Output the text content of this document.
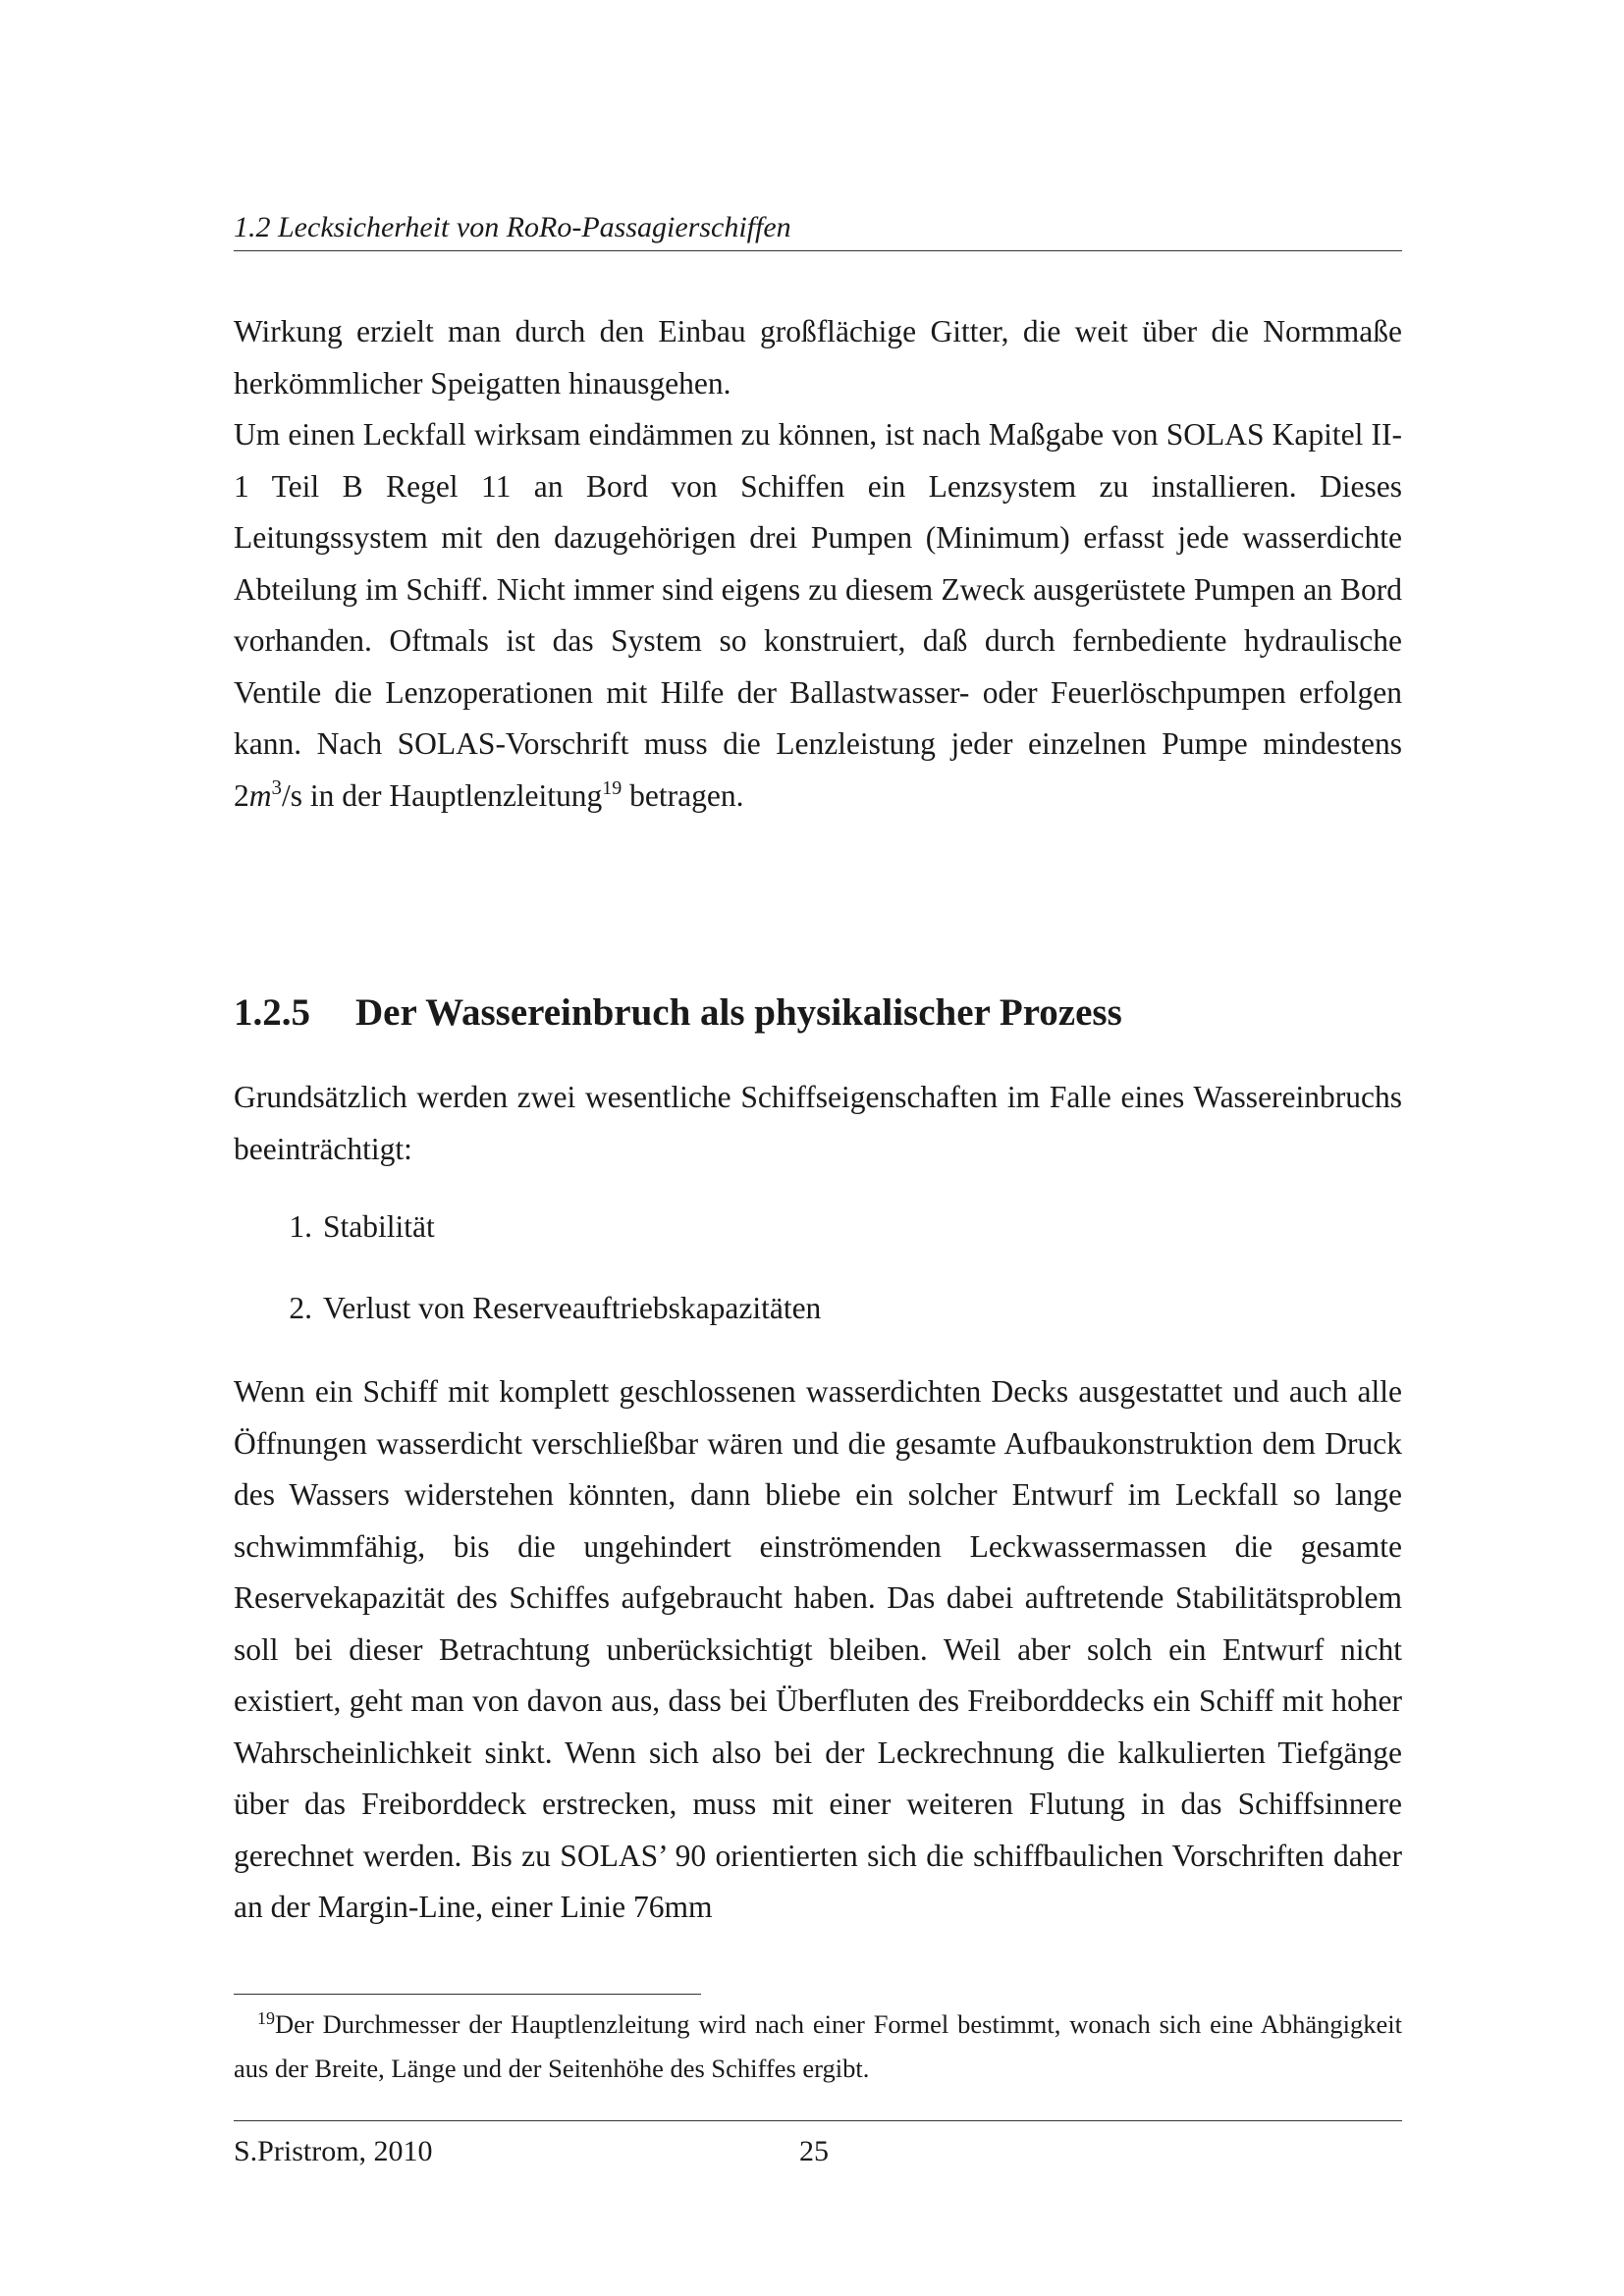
1.2 Lecksicherheit von RoRo-Passagierschiffen

Wirkung erzielt man durch den Einbau großflächige Gitter, die weit über die Normmaße herkömmlicher Speigatten hinausgehen.

Um einen Leckfall wirksam eindämmen zu können, ist nach Maßgabe von SOLAS Kapitel II-1 Teil B Regel 11 an Bord von Schiffen ein Lenzsystem zu installieren. Dieses Leitungssystem mit den dazugehörigen drei Pumpen (Minimum) erfasst jede wasserdichte Abteilung im Schiff. Nicht immer sind eigens zu diesem Zweck ausgerüstete Pumpen an Bord vorhanden. Oftmals ist das System so konstruiert, daß durch fernbediente hydraulische Ventile die Lenzoperationen mit Hilfe der Ballastwasser- oder Feuerlöschpumpen erfolgen kann. Nach SOLAS-Vorschrift muss die Lenzleistung jeder einzelnen Pumpe mindestens $2m^3/s$ in der Hauptlenzleitung$^{19}$ betragen.

1.2.5 Der Wassereinbruch als physikalischer Prozess

Grundsätzlich werden zwei wesentliche Schiffseigenschaften im Falle eines Wassereinbruchs beeinträchtigt:

1. Stabilität
2. Verlust von Reserveauftriebskapazitäten

Wenn ein Schiff mit komplett geschlossenen wasserdichten Decks ausgestattet und auch alle Öffnungen wasserdicht verschließbar wären und die gesamte Aufbaukonstruktion dem Druck des Wassers widerstehen könnten, dann bliebe ein solcher Entwurf im Leckfall so lange schwimmfähig, bis die ungehindert einströmenden Leckwassermassen die gesamte Reservekapazität des Schiffes aufgebraucht haben. Das dabei auftretende Stabilitätsproblem soll bei dieser Betrachtung unberücksichtigt bleiben. Weil aber solch ein Entwurf nicht existiert, geht man von davon aus, dass bei Überfluten des Freiborddecks ein Schiff mit hoher Wahrscheinlichkeit sinkt. Wenn sich also bei der Leckrechnung die kalkulierten Tiefgänge über das Freiborddeck erstrecken, muss mit einer weiteren Flutung in das Schiffsinnere gerechnet werden. Bis zu SOLAS’ 90 orientierten sich die schiffbaulichen Vorschriften daher an der Margin-Line, einer Linie 76mm

$^{19}$Der Durchmesser der Hauptlenzleitung wird nach einer Formel bestimmt, wonach sich eine Abhängigkeit aus der Breite, Länge und der Seitenhöhe des Schiffes ergibt.

S.Pristrom, 2010	25
